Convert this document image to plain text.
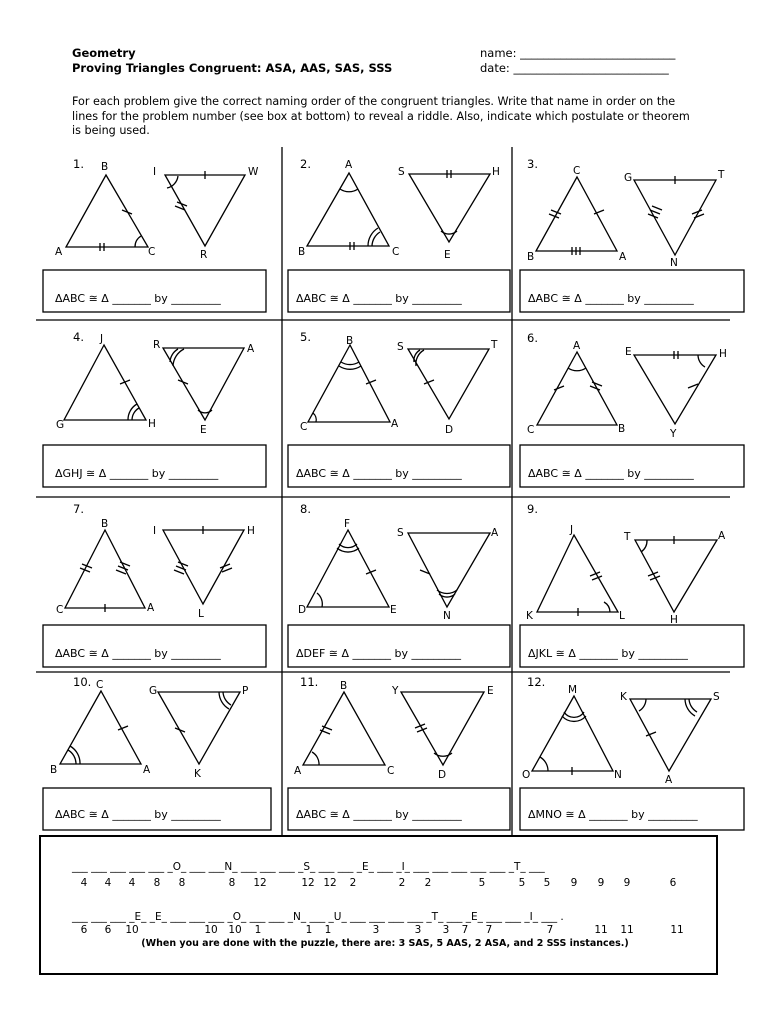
Geometry
Proving Triangles Congruent: ASA, AAS, SAS, SSS
name: ___________________________
date: ___________________________
For each problem give the correct naming order of the congruent triangles. Write that name in order on the lines for the problem number (see box at bottom) to reveal a riddle. Also, indicate which postulate or theorem is being used.
B
A	C
I	W
R
A
B	C
S	H
E
C
B	A
G	T
N
J
G	H
R	A
E
B
C	A
S	T
D
A
C	B
E	H
Y
B
C	A
I	H
L
F
D	E
S	A
N
J
K	L
T	A
H
C
B	A
G	P
K
B
A	C
Y	E
D
M
O	N
K	S
A
1.	2.	3.
4.	5.	6.
7.	8.	9.
10.	11.	12.
ΔABC ≅ Δ _______ by _________	ΔABC ≅ Δ _______ by _________	ΔABC ≅ Δ _______ by _________
ΔGHJ ≅ Δ _______ by _________	ΔABC ≅ Δ _______ by _________	ΔABC ≅ Δ _______ by _________
ΔABC ≅ Δ _______ by _________	ΔDEF ≅ Δ _______ by _________	ΔJKL ≅ Δ _______ by _________
ΔABC ≅ Δ _______ by _________	ΔABC ≅ Δ _______ by _________	ΔMNO ≅ Δ _______ by _________
___ ___ ___ ___ ___ _O_ ___ ___N_ ___ ___ ___ _S_ ___ ___ _E_ ___ _I_ ___ ___ ___ ___ ___ _T_ ___
4	4	4	8	8	8	12	12 12	2	2	2	5	5	5	9	9	9	6
___ ___ ___ _E_ _E_ ___ ___ ___ _O_ ___ ___ _N_ ___ _U_ ___ ___ ___ ___ _T_ ___ _E_ ___ ___ _I_ ___ .
6	6	10	10	10	1	1	1	3	3	3	7	7	7	11	11	11
(When you are done with the puzzle, there are: 3 SAS, 5 AAS, 2 ASA, and 2 SSS instances.)
